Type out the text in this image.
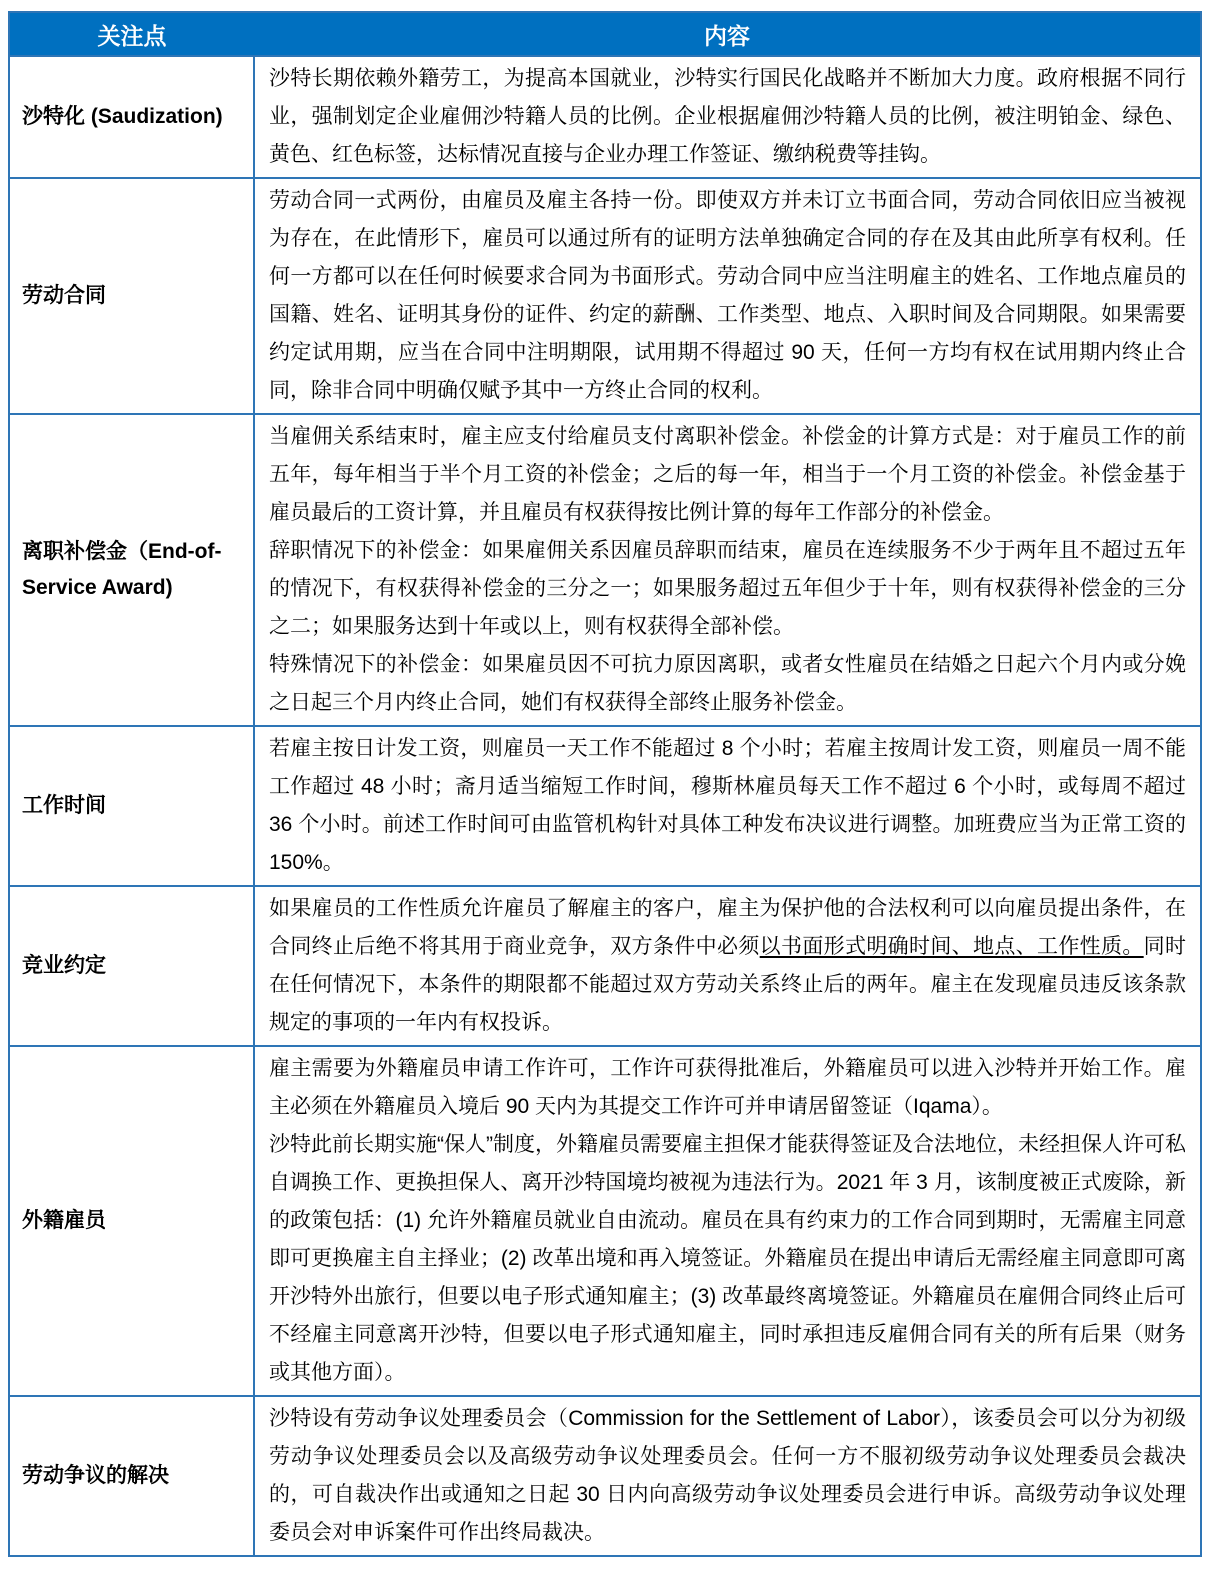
关注点	内容
沙特化 (Saudization)	沙特长期依赖外籍劳工，为提高本国就业，沙特实行国民化战略并不断加大力度。政府根据不同行业，强制划定企业雇佣沙特籍人员的比例。企业根据雇佣沙特籍人员的比例，被注明铂金、绿色、黄色、红色标签，达标情况直接与企业办理工作签证、缴纳税费等挂钩。

劳动合同	劳动合同一式两份，由雇员及雇主各持一份。即使双方并未订立书面合同，劳动合同依旧应当被视为存在，在此情形下，雇员可以通过所有的证明方法单独确定合同的存在及其由此所享有权利。任何一方都可以在任何时候要求合同为书面形式。劳动合同中应当注明雇主的姓名、工作地点雇员的国籍、姓名、证明其身份的证件、约定的薪酬、工作类型、地点、入职时间及合同期限。如果需要约定试用期，应当在合同中注明期限，试用期不得超过 90 天，任何一方均有权在试用期内终止合同，除非合同中明确仅赋予其中一方终止合同的权利。

离职补偿金（End-of-Service Award)	当雇佣关系结束时，雇主应支付给雇员支付离职补偿金。补偿金的计算方式是：对于雇员工作的前五年，每年相当于半个月工资的补偿金；之后的每一年，相当于一个月工资的补偿金。补偿金基于雇员最后的工资计算，并且雇员有权获得按比例计算的每年工作部分的补偿金。

辞职情况下的补偿金：如果雇佣关系因雇员辞职而结束，雇员在连续服务不少于两年且不超过五年的情况下，有权获得补偿金的三分之一；如果服务超过五年但少于十年，则有权获得补偿金的三分之二；如果服务达到十年或以上，则有权获得全部补偿。

特殊情况下的补偿金：如果雇员因不可抗力原因离职，或者女性雇员在结婚之日起六个月内或分娩之日起三个月内终止合同，她们有权获得全部终止服务补偿金。

工作时间	若雇主按日计发工资，则雇员一天工作不能超过 8 个小时；若雇主按周计发工资，则雇员一周不能工作超过 48 小时；斋月适当缩短工作时间，穆斯林雇员每天工作不超过 6 个小时，或每周不超过 36 个小时。前述工作时间可由监管机构针对具体工种发布决议进行调整。加班费应当为正常工资的 150%。

竞业约定	如果雇员的工作性质允许雇员了解雇主的客户，雇主为保护他的合法权利可以向雇员提出条件，在合同终止后绝不将其用于商业竞争，双方条件中必须以书面形式明确时间、地点、工作性质。同时在任何情况下，本条件的期限都不能超过双方劳动关系终止后的两年。雇主在发现雇员违反该条款规定的事项的一年内有权投诉。

外籍雇员	雇主需要为外籍雇员申请工作许可，工作许可获得批准后，外籍雇员可以进入沙特并开始工作。雇主必须在外籍雇员入境后 90 天内为其提交工作许可并申请居留签证（Iqama）。

沙特此前长期实施“保人”制度，外籍雇员需要雇主担保才能获得签证及合法地位，未经担保人许可私自调换工作、更换担保人、离开沙特国境均被视为违法行为。2021 年 3 月，该制度被正式废除，新的政策包括：(1) 允许外籍雇员就业自由流动。雇员在具有约束力的工作合同到期时，无需雇主同意即可更换雇主自主择业；(2) 改革出境和再入境签证。外籍雇员在提出申请后无需经雇主同意即可离开沙特外出旅行，但要以电子形式通知雇主；(3) 改革最终离境签证。外籍雇员在雇佣合同终止后可不经雇主同意离开沙特，但要以电子形式通知雇主，同时承担违反雇佣合同有关的所有后果（财务或其他方面）。

劳动争议的解决	沙特设有劳动争议处理委员会（Commission for the Settlement of Labor），该委员会可以分为初级劳动争议处理委员会以及高级劳动争议处理委员会。任何一方不服初级劳动争议处理委员会裁决的，可自裁决作出或通知之日起 30 日内向高级劳动争议处理委员会进行申诉。高级劳动争议处理委员会对申诉案件可作出终局裁决。
